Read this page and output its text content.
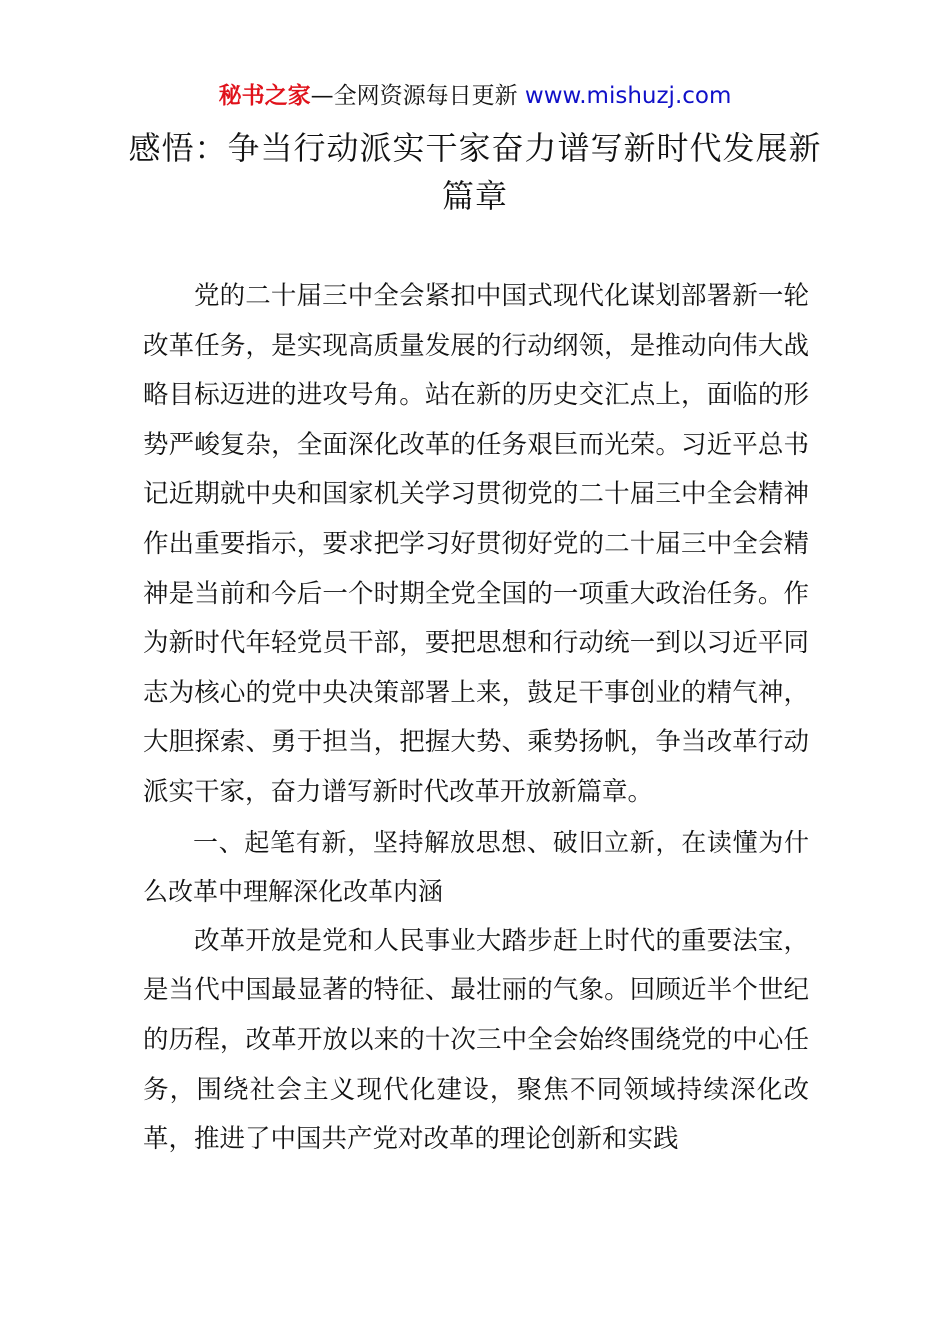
秘书之家—全网资源每日更新 www.mishuzj.com
感悟：争当行动派实干家奋力谱写新时代发展新篇章

党的二十届三中全会紧扣中国式现代化谋划部署新一轮改革任务，是实现高质量发展的行动纲领，是推动向伟大战略目标迈进的进攻号角。站在新的历史交汇点上，面临的形势严峻复杂，全面深化改革的任务艰巨而光荣。习近平总书记近期就中央和国家机关学习贯彻党的二十届三中全会精神作出重要指示，要求把学习好贯彻好党的二十届三中全会精神是当前和今后一个时期全党全国的一项重大政治任务。作为新时代年轻党员干部，要把思想和行动统一到以习近平同志为核心的党中央决策部署上来，鼓足干事创业的精气神，大胆探索、勇于担当，把握大势、乘势扬帆，争当改革行动派实干家，奋力谱写新时代改革开放新篇章。

一、起笔有新，坚持解放思想、破旧立新，在读懂为什么改革中理解深化改革内涵

改革开放是党和人民事业大踏步赶上时代的重要法宝，是当代中国最显著的特征、最壮丽的气象。回顾近半个世纪的历程，改革开放以来的十次三中全会始终围绕党的中心任务，围绕社会主义现代化建设，聚焦不同领域持续深化改革，推进了中国共产党对改革的理论创新和实践
